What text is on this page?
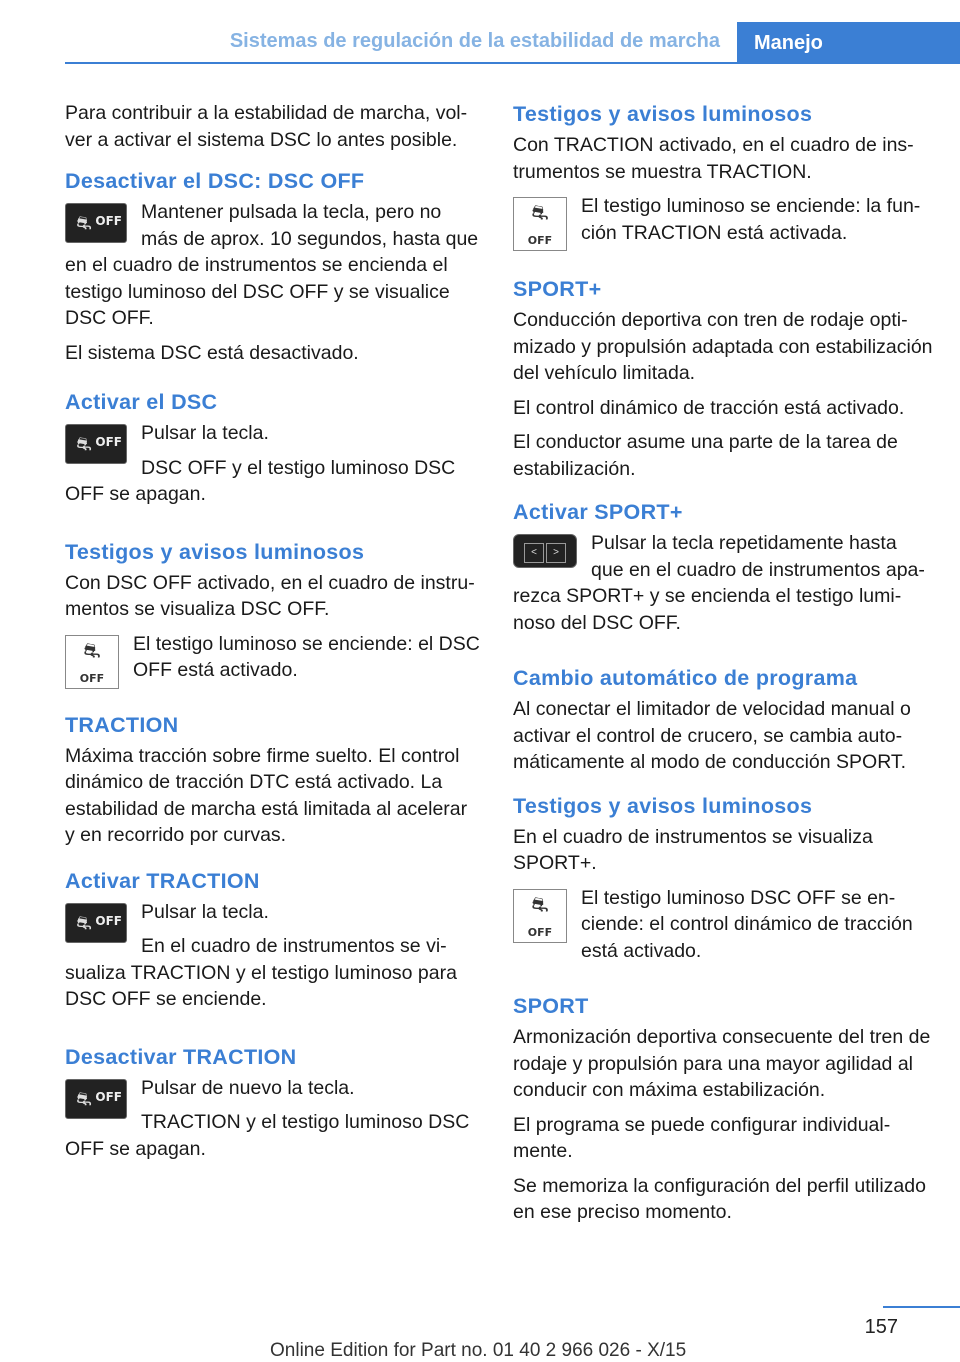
Sistemas de regulación de la estabilidad de marcha	Manejo

Para contribuir a la estabilidad de marcha, volver a activar el sistema DSC lo antes posible.

Desactivar el DSC: DSC OFF
⛐ OFF Mantener pulsada la tecla, pero no más de aprox. 10 segundos, hasta que en el cuadro de instrumentos se encienda el testigo luminoso del DSC OFF y se visualice DSC OFF.

El sistema DSC está desactivado.

Activar el DSC
⛐ OFF Pulsar la tecla.

DSC OFF y el testigo luminoso DSC OFF se apagan.

Testigos y avisos luminosos

Con DSC OFF activado, en el cuadro de instrumentos se visualiza DSC OFF.

⛐
OFF

El testigo luminoso se enciende: el DSC OFF está activado.

TRACTION

Máxima tracción sobre firme suelto. El control dinámico de tracción DTC está activado. La estabilidad de marcha está limitada al acelerar y en recorrido por curvas.

Activar TRACTION
⛐ OFF Pulsar la tecla.

En el cuadro de instrumentos se visualiza TRACTION y el testigo luminoso para DSC OFF se enciende.

Desactivar TRACTION
⛐ OFF Pulsar de nuevo la tecla.

TRACTION y el testigo luminoso DSC OFF se apagan.

Testigos y avisos luminosos

Con TRACTION activado, en el cuadro de instrumentos se muestra TRACTION.

⛐
OFF

El testigo luminoso se enciende: la función TRACTION está activada.

SPORT+

Conducción deportiva con tren de rodaje optimizado y propulsión adaptada con estabilización del vehículo limitada.

El control dinámico de tracción está activado.

El conductor asume una parte de la tarea de estabilización.

Activar SPORT+
<	>	Pulsar la tecla repetidamente hasta que en el cuadro de instrumentos aparezca SPORT+ y se encienda el testigo luminoso del DSC OFF.

Cambio automático de programa

Al conectar el limitador de velocidad manual o activar el control de crucero, se cambia automáticamente al modo de conducción SPORT.

Testigos y avisos luminosos

En el cuadro de instrumentos se visualiza SPORT+.

⛐
OFF

El testigo luminoso DSC OFF se enciende: el control dinámico de tracción está activado.

SPORT

Armonización deportiva consecuente del tren de rodaje y propulsión para una mayor agilidad al conducir con máxima estabilización.

El programa se puede configurar individualmente.

Se memoriza la configuración del perfil utilizado en ese preciso momento.

157
Online Edition for Part no. 01 40 2 966 026 - X/15
